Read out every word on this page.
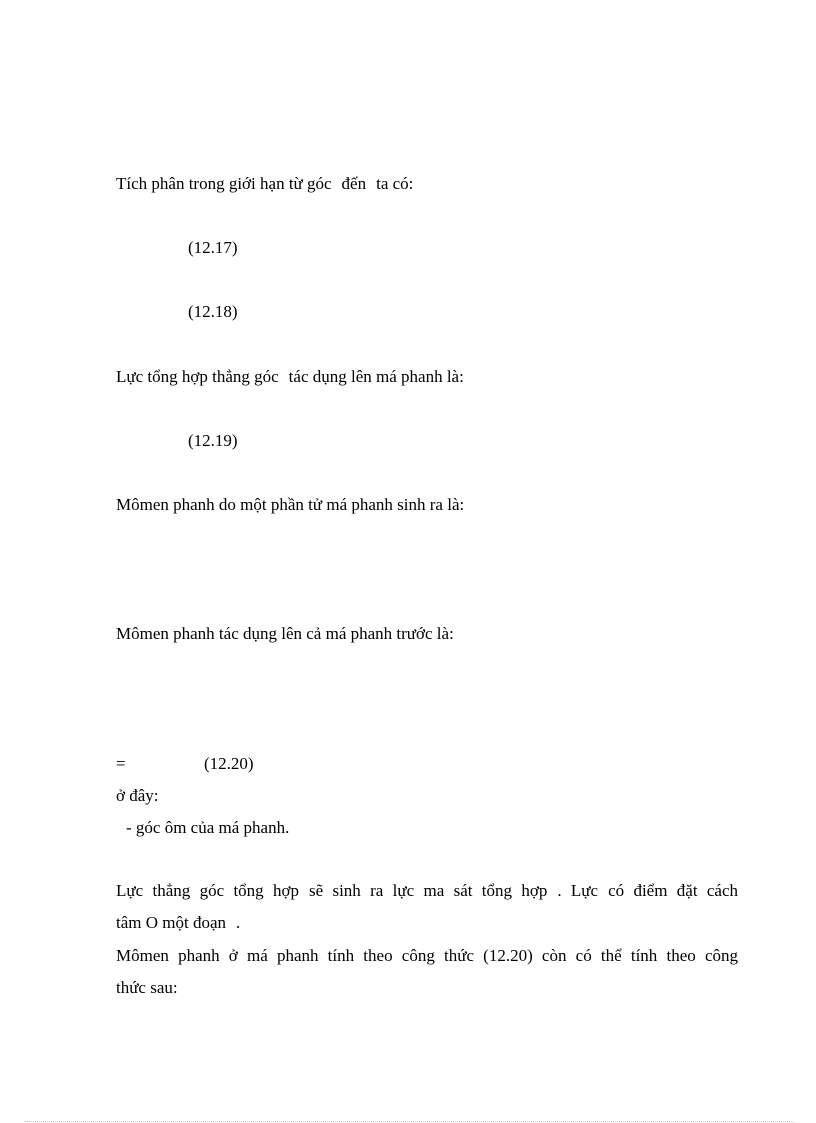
Tích phân trong giới hạn từ góc đến ta có:
(12.17)
(12.18)
Lực tổng hợp thẳng góc tác dụng lên má phanh là:
(12.19)
Mômen phanh do một phần tử má phanh sinh ra là:
Mômen phanh tác dụng lên cả má phanh trước là:
=	(12.20)
ở đây:
- góc ôm của má phanh.
Lực thẳng góc tổng hợp sẽ sinh ra lực ma sát tổng hợp . Lực có điểm đặt cách
tâm O một đoạn .
Mômen phanh ở má phanh tính theo công thức (12.20) còn có thể tính theo công
thức sau:
